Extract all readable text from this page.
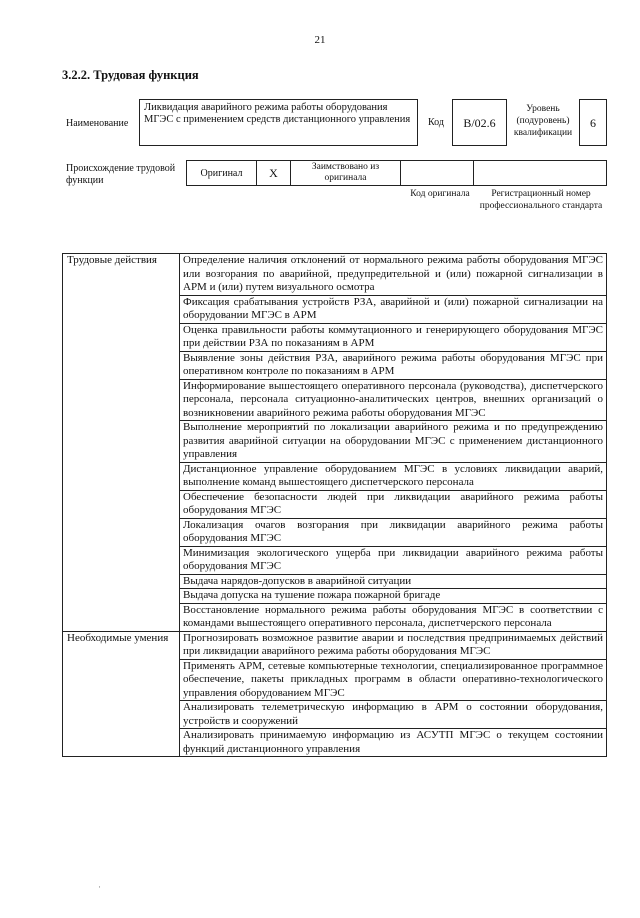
21
3.2.2. Трудовая функция
Наименование
Ликвидация аварийного режима работы оборудования МГЭС с применением средств дистанционного управления	Код	B/02.6
Уровень (подуровень) квалификации
6
Происхождение трудовой функции
Оригинал	X	Заимствовано из оригинала
Код оригинала	Регистрационный номер профессионального стандарта
Трудовые действия	Определение наличия отклонений от нормального режима работы оборудования МГЭС или возгорания по аварийной, предупредительной и (или) пожарной сигнализации в АРМ и (или) путем визуального осмотра
	Фиксация срабатывания устройств РЗА, аварийной и (или) пожарной сигнализации на оборудовании МГЭС в АРМ
	Оценка правильности работы коммутационного и генерирующего оборудования МГЭС при действии РЗА по показаниям в АРМ
	Выявление зоны действия РЗА, аварийного режима работы оборудования МГЭС при оперативном контроле по показаниям в АРМ
	Информирование вышестоящего оперативного персонала (руководства), диспетчерского персонала, персонала ситуационно-аналитических центров, внешних организаций о возникновении аварийного режима работы оборудования МГЭС
	Выполнение мероприятий по локализации аварийного режима и по предупреждению развития аварийной ситуации на оборудовании МГЭС с применением дистанционного управления
	Дистанционное управление оборудованием МГЭС в условиях ликвидации аварий, выполнение команд вышестоящего диспетчерского персонала
	Обеспечение безопасности людей при ликвидации аварийного режима работы оборудования МГЭС
	Локализация очагов возгорания при ликвидации аварийного режима работы оборудования МГЭС
	Минимизация экологического ущерба при ликвидации аварийного режима работы оборудования МГЭС
	Выдача нарядов-допусков в аварийной ситуации
	Выдача допуска на тушение пожара пожарной бригаде
	Восстановление нормального режима работы оборудования МГЭС в соответствии с командами вышестоящего оперативного персонала, диспетчерского персонала
Необходимые умения	Прогнозировать возможное развитие аварии и последствия предпринимаемых действий при ликвидации аварийного режима работы оборудования МГЭС
	Применять АРМ, сетевые компьютерные технологии, специализированное программное обеспечение, пакеты прикладных программ в области оперативно-технологического управления оборудованием МГЭС
	Анализировать телеметрическую информацию в АРМ о состоянии оборудования, устройств и сооружений
	Анализировать принимаемую информацию из АСУТП МГЭС о текущем состоянии функций дистанционного управления
·
